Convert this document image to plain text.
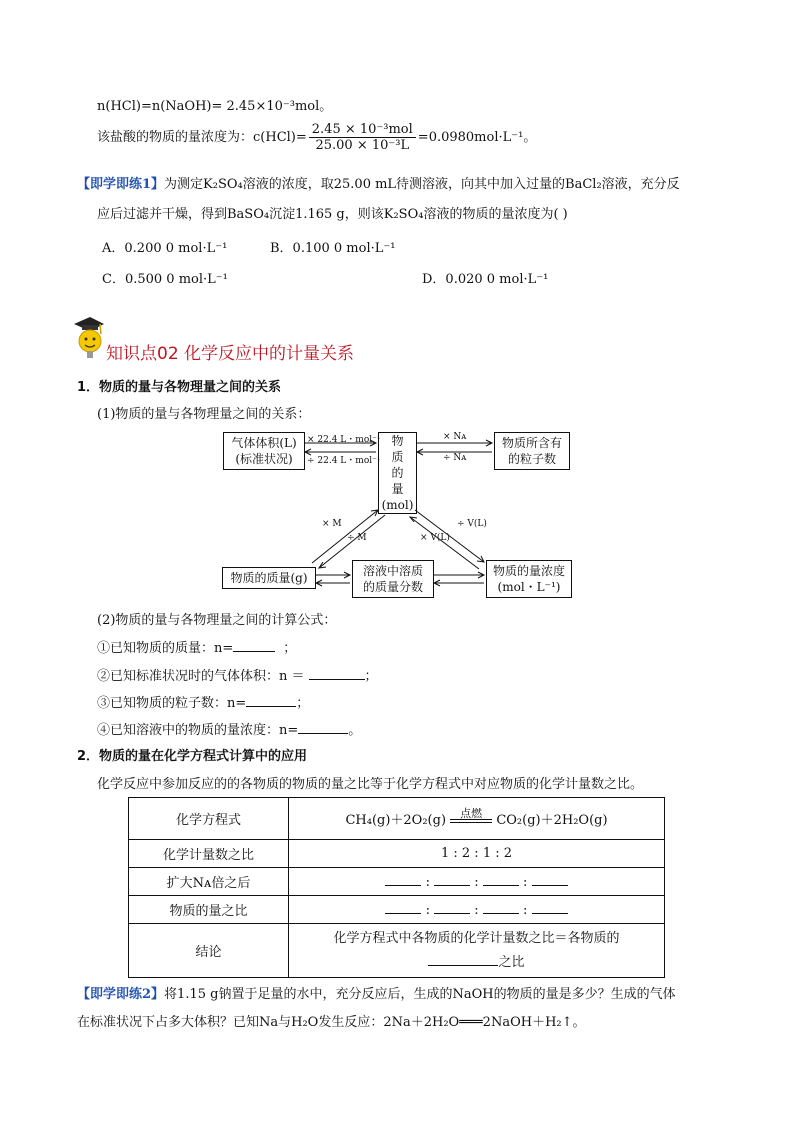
n(HCl)=n(NaOH)= 2.45×10⁻³mol。
该盐酸的物质的量浓度为：$c(HCl)= \frac{\text{2.45 × 10⁻³mol}}{\text{25.00 × 10⁻³L}} =0.0980mol\cdot L^{-1}$。
【即学即练1】为测定K₂SO₄溶液的浓度，取25.00 mL待测溶液，向其中加入过量的BaCl₂溶液，充分反
应后过滤并干燥，得到BaSO₄沉淀1.165 g，则该K₂SO₄溶液的物质的量浓度为( )
A．0.200 0 mol·L⁻¹	B．0.100 0 mol·L⁻¹
C．0.500 0 mol·L⁻¹	D．0.020 0 mol·L⁻¹
知识点02 化学反应中的计量关系
1．物质的量与各物理量之间的关系
(1)物质的量与各物理量之间的关系：
气体体积(L)
(标准状况)
物
质
的
量
(mol)
物质所含有
的粒子数
物质的质量(g)	溶液中溶质
的质量分数
物质的量浓度
(mol・L⁻¹)
× 22.4 L・mol⁻¹
÷ 22.4 L・mol⁻¹
× Nᴀ
÷ Nᴀ
× M
÷ M
÷ V(L)
× V(L)
(2)物质的量与各物理量之间的计算公式：
①已知物质的质量：n=	；
②已知标准状况时的气体体积：n ＝	；
③已知物质的粒子数：n=	；
④已知溶液中的物质的量浓度：n=	。
2．物质的量在化学方程式计算中的应用
化学反应中参加反应的的各物质的物质的量之比等于化学方程式中对应物质的化学计量数之比。
化学方程式	CH₄(g)＋2O₂(g) 点燃 CO₂(g)＋2H₂O(g)
化学计量数之比	1 : 2 : 1 : 2
扩大Nᴀ倍之后	: : :
物质的量之比	: : :
结论	化学方程式中各物质的化学计量数之比＝各物质的
之比
【即学即练2】将1.15 g钠置于足量的水中，充分反应后，生成的NaOH的物质的量是多少？生成的气体
在标准状况下占多大体积？已知Na与H₂O发生反应：2Na＋2H₂O═══2NaOH＋H₂↑。
